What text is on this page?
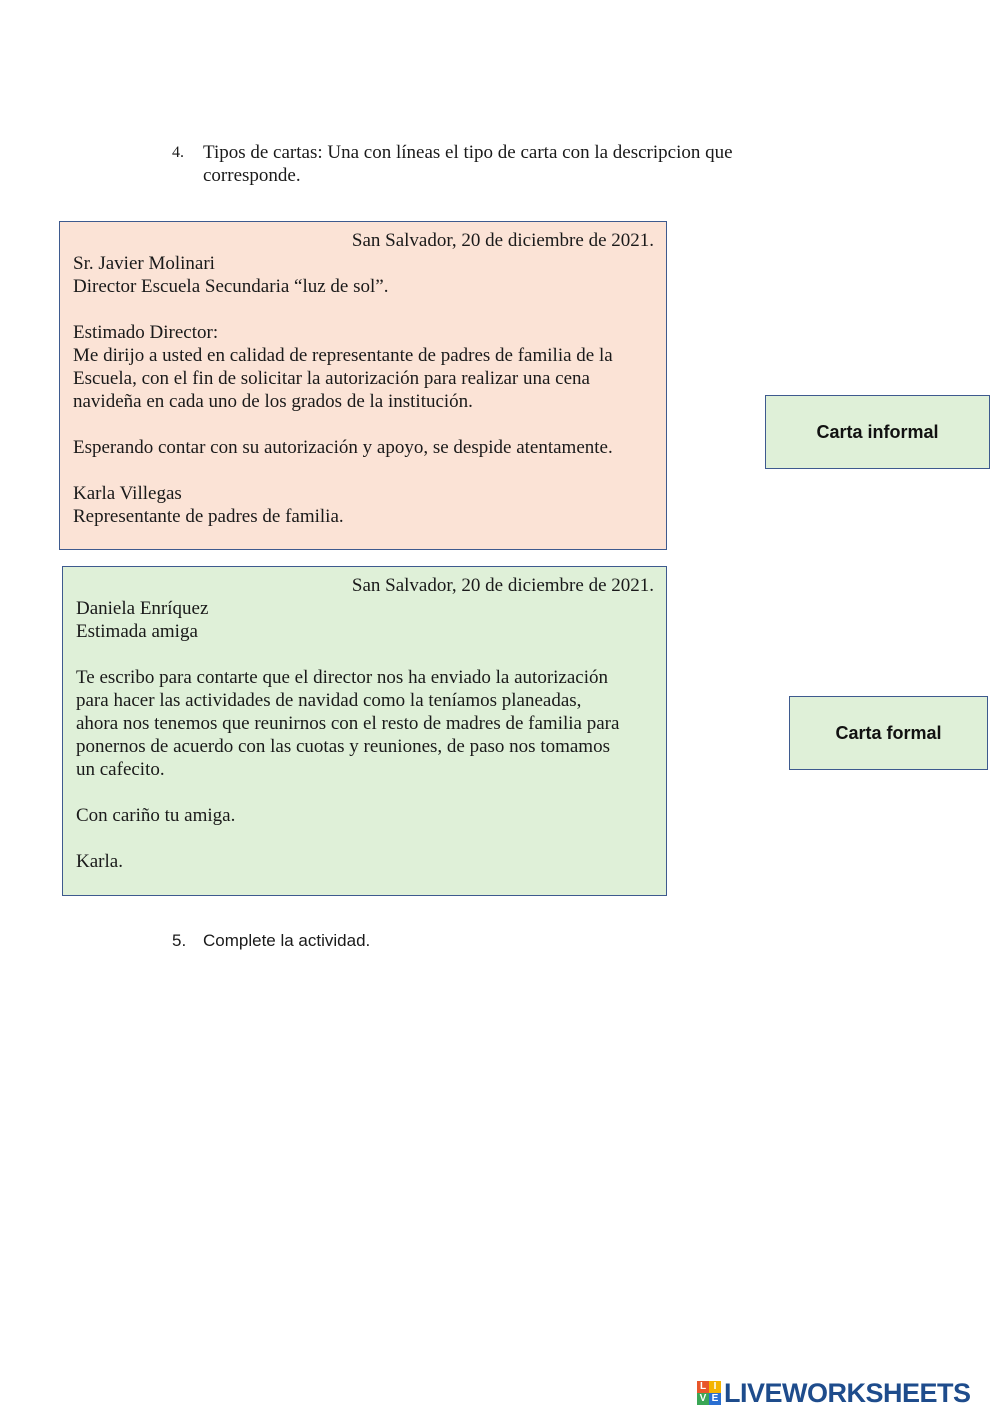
4. Tipos de cartas: Una con líneas el tipo de carta con la descripcion que corresponde.
San Salvador, 20 de diciembre de 2021.
Sr. Javier Molinari
Director Escuela Secundaria “luz de sol”.
Estimado Director:
Me dirijo a usted en calidad de representante de padres de familia de la
Escuela, con el fin de solicitar la autorización para realizar una cena
navideña en cada uno de los grados de la institución.
Esperando contar con su autorización y apoyo, se despide atentamente.
Karla Villegas
Representante de padres de familia.
San Salvador, 20 de diciembre de 2021.
Daniela Enríquez
Estimada amiga
Te escribo para contarte que el director nos ha enviado la autorización
para hacer las actividades de navidad como la teníamos planeadas,
ahora nos tenemos que reunirnos con el resto de madres de familia para
ponernos de acuerdo con las cuotas y reuniones, de paso nos tomamos
un cafecito.
Con cariño tu amiga.
Karla.
Carta informal
Carta formal
5. Complete la actividad.
L I
V E LIVEWORKSHEETS
